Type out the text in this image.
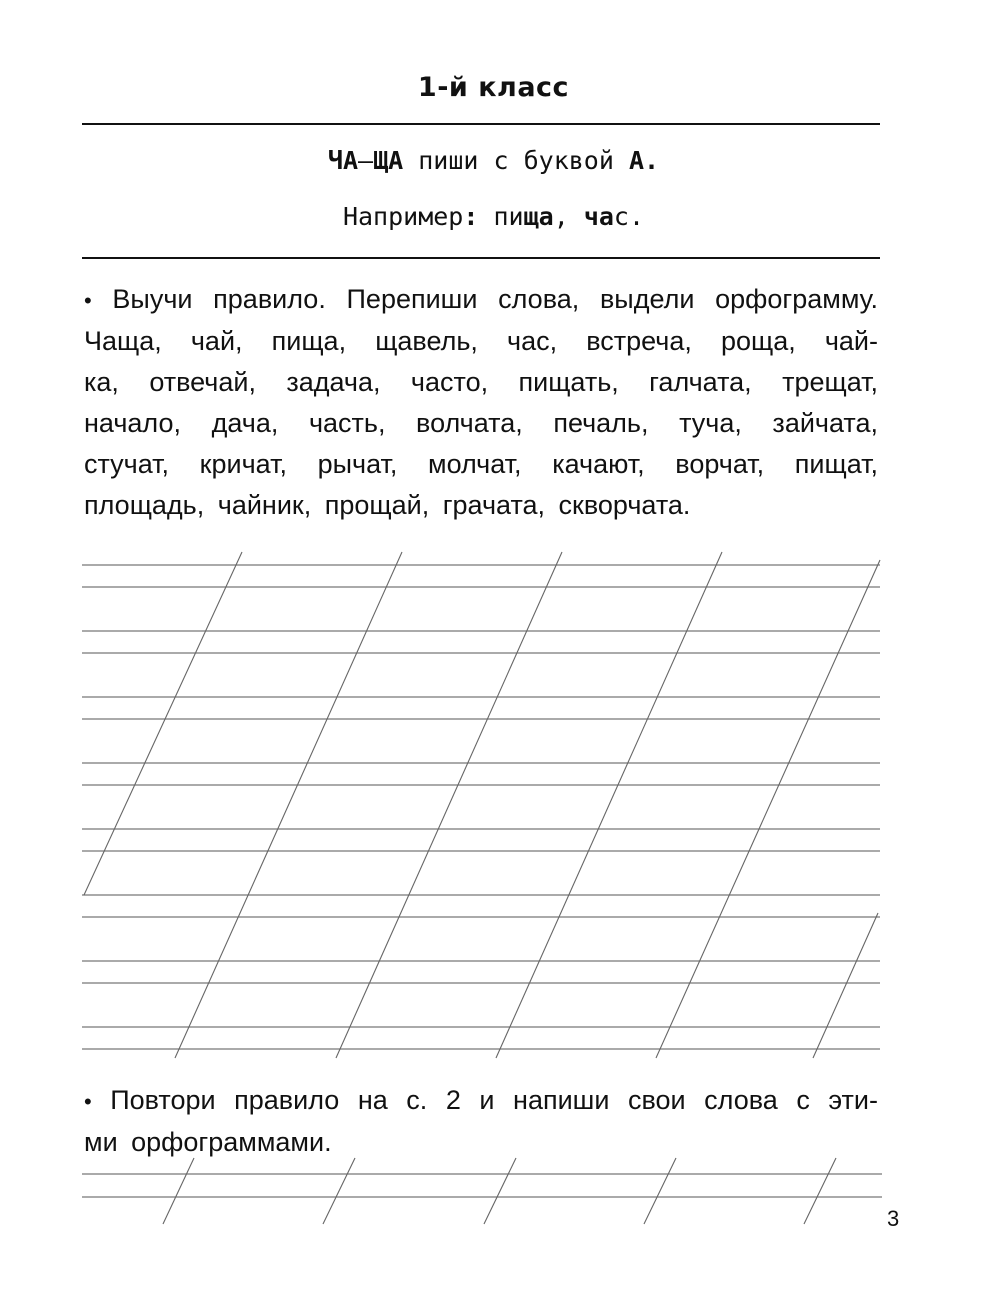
1-й класс
ЧА—ЩА пиши с буквой А.
Например: пища, час.
• Выучи правило. Перепиши слова, выдели орфограмму.
Чаща, чай, пища, щавель, час, встреча, роща, чай-
ка, отвечай, задача, часто, пищать, галчата, трещат,
начало, дача, часть, волчата, печаль, туча, зайчата,
стучат, кричат, рычат, молчат, качают, ворчат, пищат,
площадь, чайник, прощай, грачата, скворчата.
• Повтори правило на с. 2 и напиши свои слова с эти-
ми орфограммами.
3
